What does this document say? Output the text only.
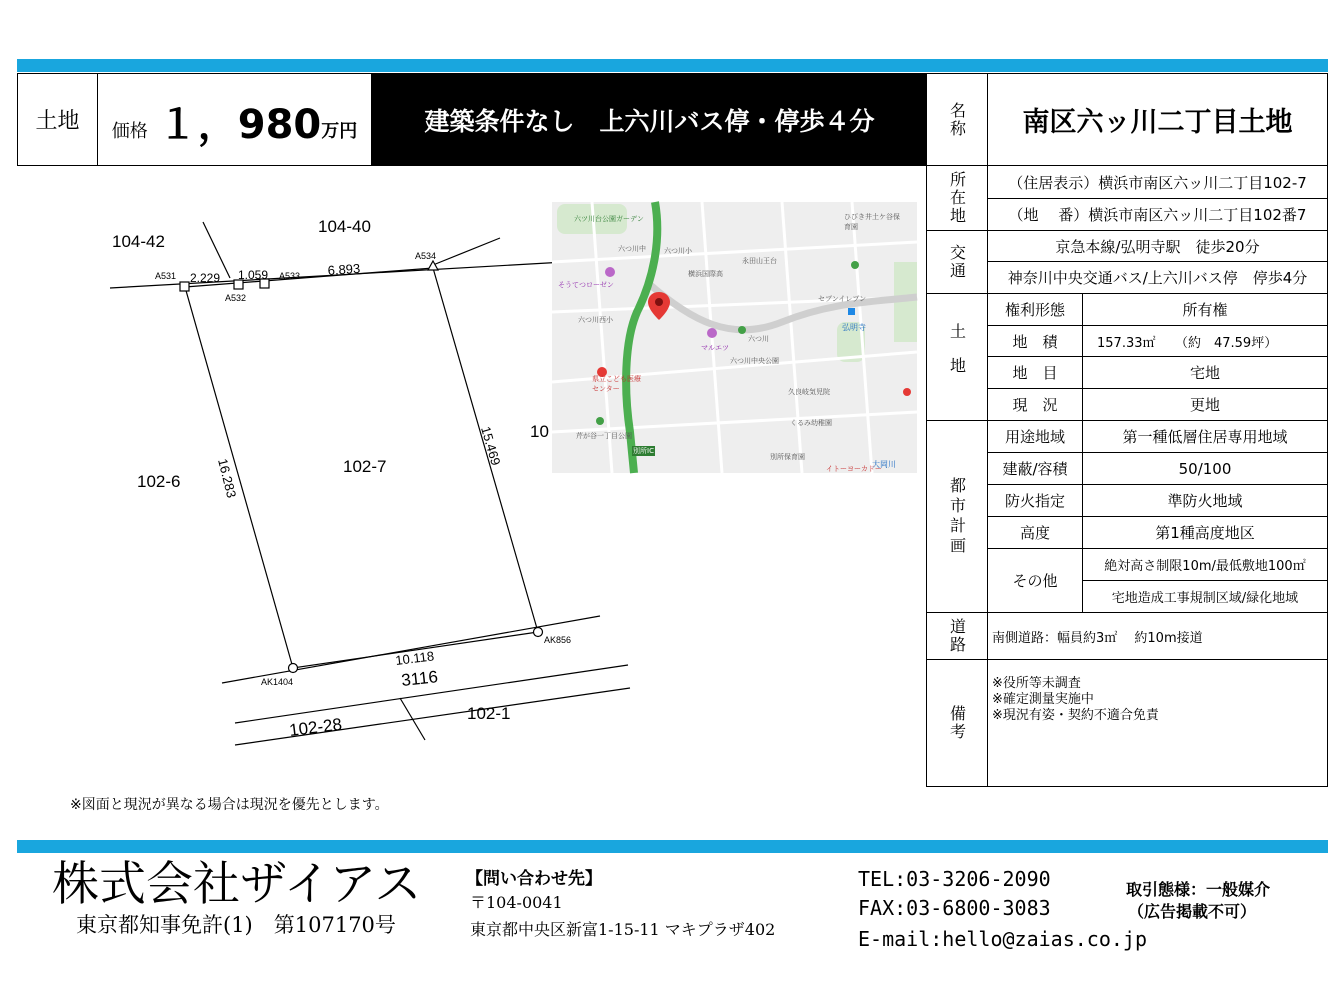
土地 価格 １，980 万円	建築条件なし　上六川バス停・停歩４分	名称	南区六ッ川二丁目土地
所在地	（住居表示）横浜市南区六ッ川二丁目102-7
（地　 番）横浜市南区六ッ川二丁目102番7
交通	京急本線/弘明寺駅　徒歩20分
神奈川中央交通バス/上六川バス停　停歩4分
土地
権利形態	所有権
地　積	157.33㎡　　（約　47.59坪）
地　目	宅地
現　況	更地
都市計画
用途地域	第一種低層住居専用地域
建蔽/容積	50/100
防火指定	準防火地域
高度	第1種高度地区
その他
絶対高さ制限10m/最低敷地100㎡
宅地造成工事規制区域/緑化地域
道路	南側道路：幅員約3㎡　 約10m接道
備考
※役所等未調査
※確定測量実施中
※現況有姿・契約不適合免責
104-42
104-40
102-6
102-7
10
3116
102-28
102-1
2.229 1.059	6.893
16.283
15.469
10.118
A531
A532
A533
A534
AK856
AK1404
※図面と現況が異なる場合は現況を優先とします。
六ツ川台公園ガーデン
六つ川中	六つ川小
横浜国際高
永田山王台
ひびき井土ケ谷保育園
そうてつローゼン
六つ川西小
マルエツ
六つ川
六つ川中央公園
セブンイレブン
弘明寺
県立こども医療センター	久良岐気児院
くるみ幼稚園
芹が谷一丁目公園
別所保育園
イトーヨーカドー
大岡川
別所IC
株式会社ザイアス
東京都知事免許(1)　第107170号
【問い合わせ先】
〒104-0041
東京都中央区新富1-15-11 マキプラザ402
TEL:03-3206-2090
FAX:03-6800-3083
E-mail:hello@zaias.co.jp
取引態様：一般媒介
（広告掲載不可）
